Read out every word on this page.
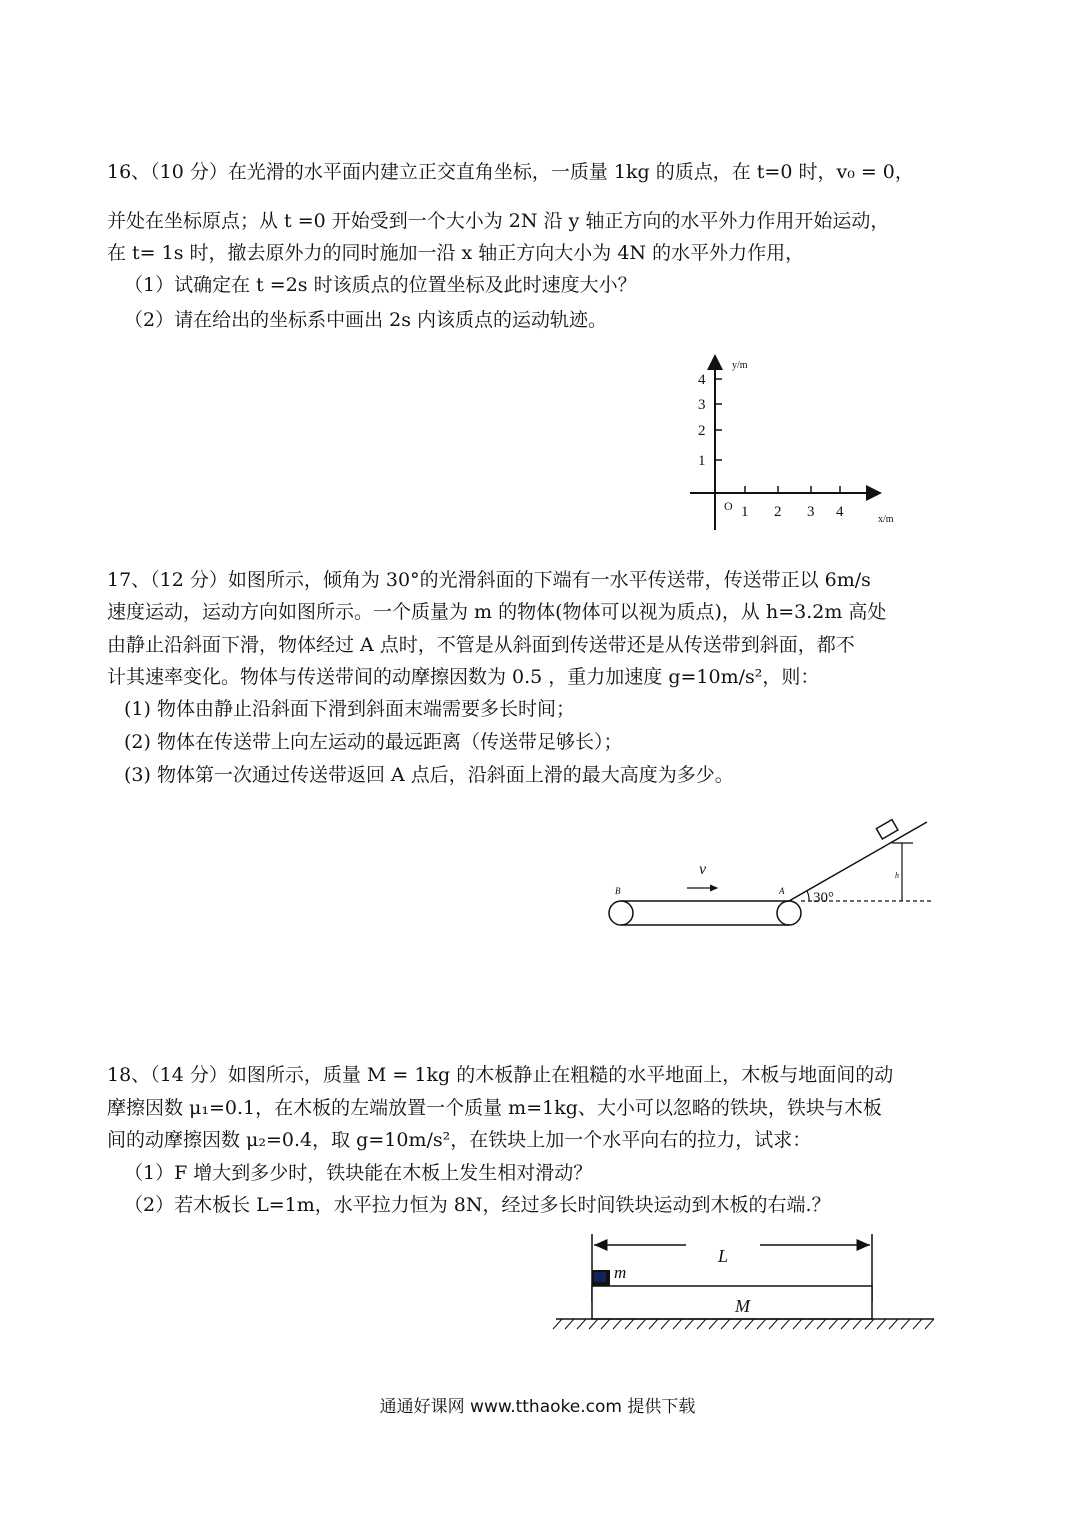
16、（10 分）在光滑的水平面内建立正交直角坐标，一质量 1kg 的质点，在 t=0 时，v₀ = 0，
并处在坐标原点；从 t =0 开始受到一个大小为 2N 沿 y 轴正方向的水平外力作用开始运动，
在 t= 1s 时，撤去原外力的同时施加一沿 x 轴正方向大小为 4N 的水平外力作用，
（1）试确定在 t =2s 时该质点的位置坐标及此时速度大小？
（2）请在给出的坐标系中画出 2s 内该质点的运动轨迹。
y/m
x/m
O
4
3
2
1
1 2 3 4
17、（12 分）如图所示，倾角为 30°的光滑斜面的下端有一水平传送带，传送带正以 6m/s
速度运动，运动方向如图所示。一个质量为 m 的物体(物体可以视为质点)，从 h=3.2m 高处
由静止沿斜面下滑，物体经过 A 点时，不管是从斜面到传送带还是从传送带到斜面，都不
计其速率变化。物体与传送带间的动摩擦因数为 0.5 ，重力加速度 g=10m/s²，则：
(1) 物体由静止沿斜面下滑到斜面末端需要多长时间；
(2) 物体在传送带上向左运动的最远距离（传送带足够长）；
(3) 物体第一次通过传送带返回 A 点后，沿斜面上滑的最大高度为多少。
B	A
v
30°
h
18、（14 分）如图所示，质量 M = 1kg 的木板静止在粗糙的水平地面上，木板与地面间的动
摩擦因数 μ₁=0.1，在木板的左端放置一个质量 m=1kg、大小可以忽略的铁块，铁块与木板
间的动摩擦因数 μ₂=0.4，取 g=10m/s²，在铁块上加一个水平向右的拉力，试求：
（1）F 增大到多少时，铁块能在木板上发生相对滑动？
（2）若木板长 L=1m，水平拉力恒为 8N，经过多长时间铁块运动到木板的右端.？
L
m
M
通通好课网 www.tthaoke.com 提供下载
